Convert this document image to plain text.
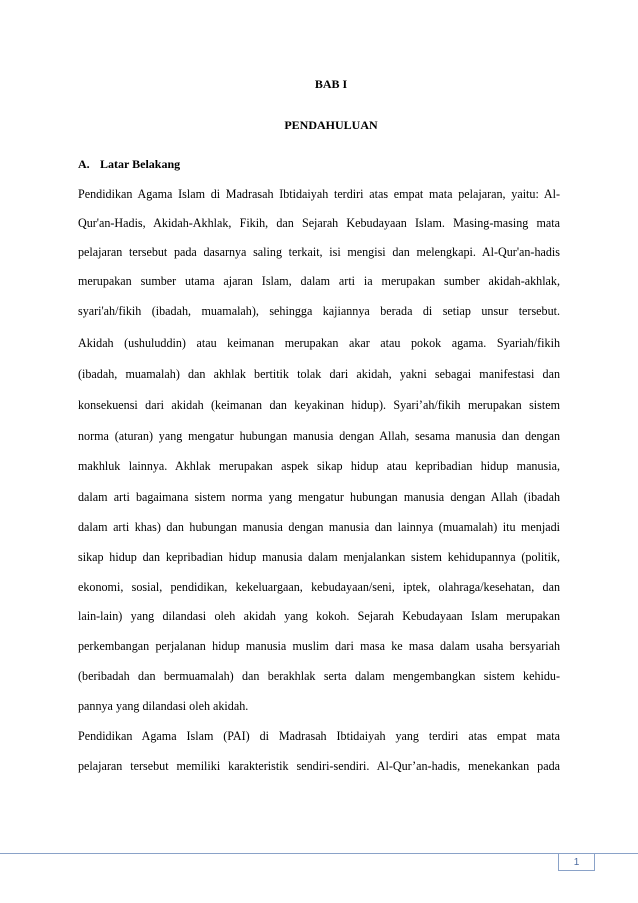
BAB I
PENDAHULUAN
A. Latar Belakang
Pendidikan Agama Islam di Madrasah Ibtidaiyah terdiri atas empat mata pelajaran, yaitu: Al-
Qur'an-Hadis, Akidah-Akhlak, Fikih, dan Sejarah Kebudayaan Islam. Masing-masing mata
pelajaran tersebut pada dasarnya saling terkait, isi mengisi dan melengkapi. Al-Qur'an-hadis
merupakan sumber utama ajaran Islam, dalam arti ia merupakan sumber akidah-akhlak,
syari'ah/fikih (ibadah, muamalah), sehingga kajiannya berada di setiap unsur tersebut.
Akidah (ushuluddin) atau keimanan merupakan akar atau pokok agama. Syariah/fikih
(ibadah, muamalah) dan akhlak bertitik tolak dari akidah, yakni sebagai manifestasi dan
konsekuensi dari akidah (keimanan dan keyakinan hidup). Syari’ah/fikih merupakan sistem
norma (aturan) yang mengatur hubungan manusia dengan Allah, sesama manusia dan dengan
makhluk lainnya. Akhlak merupakan aspek sikap hidup atau kepribadian hidup manusia,
dalam arti bagaimana sistem norma yang mengatur hubungan manusia dengan Allah (ibadah
dalam arti khas) dan hubungan manusia dengan manusia dan lainnya (muamalah) itu menjadi
sikap hidup dan kepribadian hidup manusia dalam menjalankan sistem kehidupannya (politik,
ekonomi, sosial, pendidikan, kekeluargaan, kebudayaan/seni, iptek, olahraga/kesehatan, dan
lain-lain) yang dilandasi oleh akidah yang kokoh. Sejarah Kebudayaan Islam merupakan
perkembangan perjalanan hidup manusia muslim dari masa ke masa dalam usaha bersyariah
(beribadah dan bermuamalah) dan berakhlak serta dalam mengembangkan sistem kehidu-
pannya yang dilandasi oleh akidah.
Pendidikan Agama Islam (PAI) di Madrasah Ibtidaiyah yang terdiri atas empat mata
pelajaran tersebut memiliki karakteristik sendiri-sendiri. Al-Qur’an-hadis, menekankan pada
1
